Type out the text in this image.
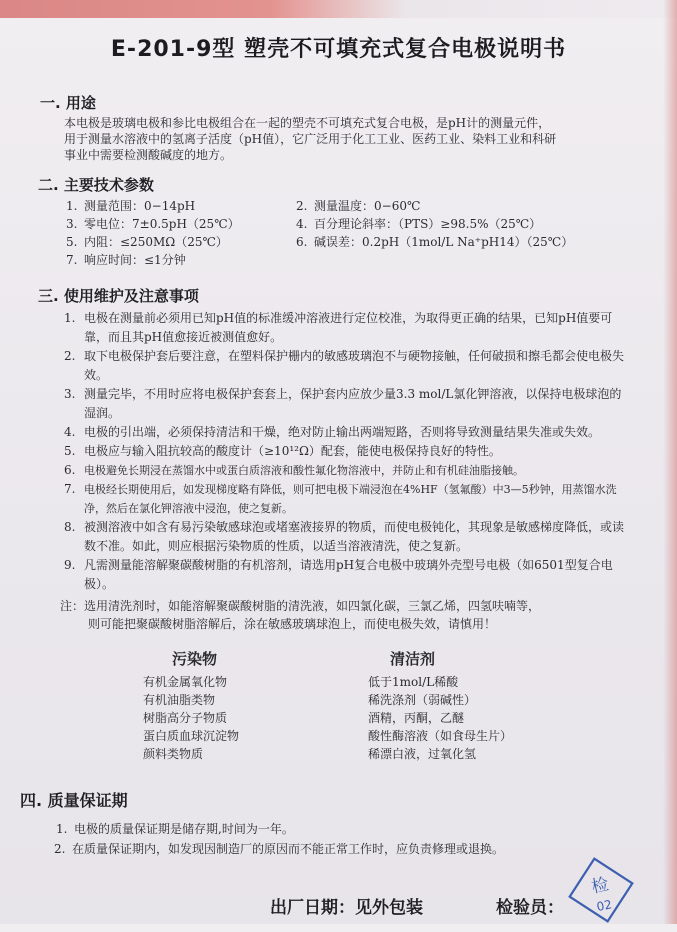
E-201-9型 塑壳不可填充式复合电极说明书
一. 用途
本电极是玻璃电极和参比电极组合在一起的塑壳不可填充式复合电极，是pH计的测量元件，
用于测量水溶液中的氢离子活度（pH值），它广泛用于化工工业、医药工业、染料工业和科研
事业中需要检测酸碱度的地方。
二. 主要技术参数
1. 测量范围：0−14pH	2. 测量温度：0−60℃
3. 零电位：7±0.5pH（25℃）	4. 百分理论斜率：（PTS）≥98.5%（25℃）
5. 内阻：≤250MΩ（25℃）	6. 碱误差：0.2pH（1mol/L Na⁺pH14）（25℃）
7. 响应时间：≤1分钟
三. 使用维护及注意事项
1. 电极在测量前必须用已知pH值的标准缓冲溶液进行定位校准，为取得更正确的结果，已知pH值要可靠，而且其pH值愈接近被测值愈好。
2. 取下电极保护套后要注意，在塑料保护栅内的敏感玻璃泡不与硬物接触，任何破损和擦毛都会使电极失效。
3. 测量完毕，不用时应将电极保护套套上，保护套内应放少量3.3 mol/L氯化钾溶液，以保持电极球泡的湿润。
4. 电极的引出端，必须保持清洁和干燥，绝对防止输出两端短路，否则将导致测量结果失准或失效。
5. 电极应与输入阻抗较高的酸度计（≥10¹²Ω）配套，能使电极保持良好的特性。
6. 电极避免长期浸在蒸馏水中或蛋白质溶液和酸性氟化物溶液中，并防止和有机硅油脂接触。
7. 电极经长期使用后，如发现梯度略有降低，则可把电极下端浸泡在4%HF（氢氟酸）中3—5秒钟，用蒸馏水洗净，然后在氯化钾溶液中浸泡，使之复新。
8. 被测溶液中如含有易污染敏感球泡或堵塞液接界的物质，而使电极钝化，其现象是敏感梯度降低，或读数不准。如此，则应根据污染物质的性质，以适当溶液清洗，使之复新。
9. 凡需测量能溶解聚碳酸树脂的有机溶剂，请选用pH复合电极中玻璃外壳型号电极（如6501型复合电极）。
注：选用清洗剂时，如能溶解聚碳酸树脂的清洗液，如四氯化碳，三氯乙烯，四氢呋喃等，
则可能把聚碳酸树脂溶解后，涂在敏感玻璃球泡上，而使电极失效，请慎用！
污染物	清洁剂
有机金属氧化物	低于1mol/L稀酸
有机油脂类物	稀洗涤剂（弱碱性）
树脂高分子物质	酒精，丙酮，乙醚
蛋白质血球沉淀物	酸性酶溶液（如食母生片）
颜料类物质	稀漂白液，过氧化氢
四. 质量保证期
1. 电极的质量保证期是储存期,时间为一年。
2. 在质量保证期内，如发现因制造厂的原因而不能正常工作时，应负责修理或退换。
出厂日期：见外包装	检验员：
检
02
